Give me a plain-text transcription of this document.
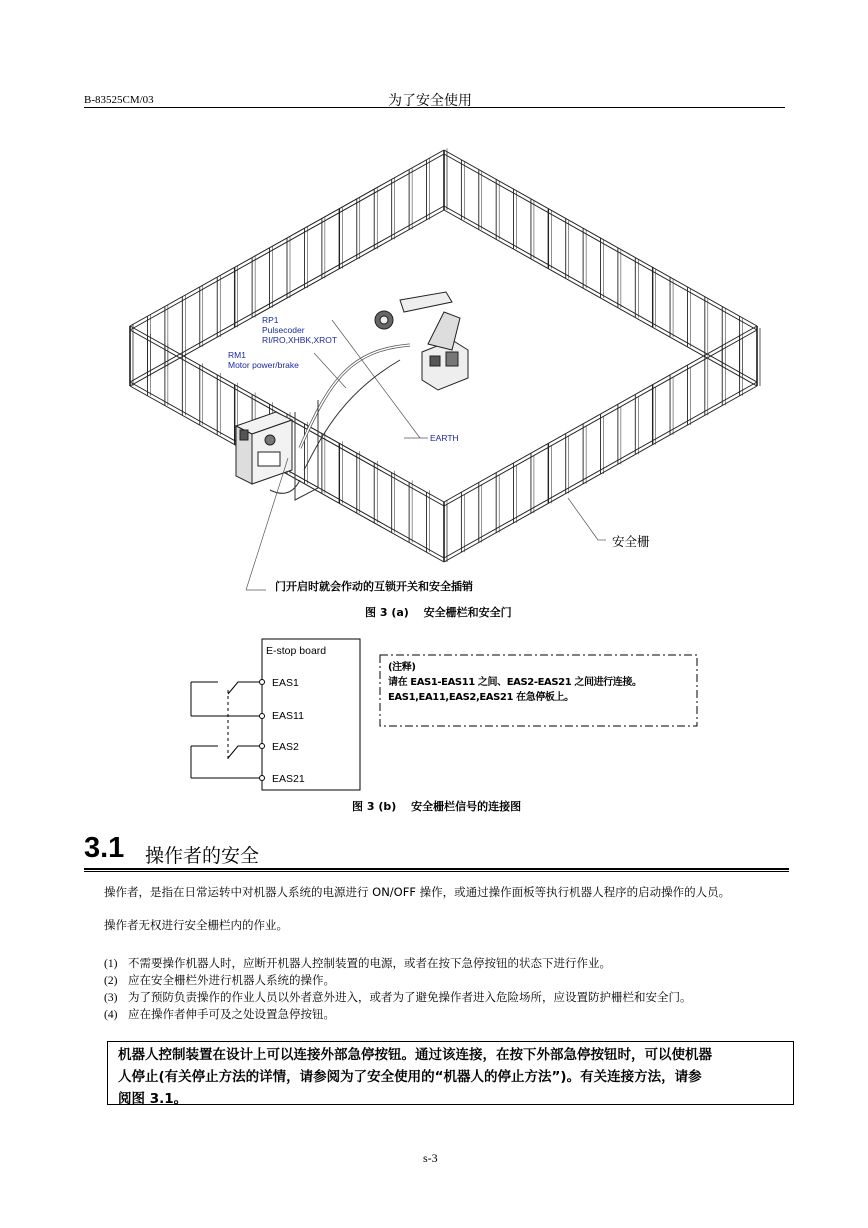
B-83525CM/03	为了安全使用
RP1
Pulsecoder
RI/RO,XHBK,XROT
RM1
Motor power/brake
EARTH
安全栅
门开启时就会作动的互锁开关和安全插销
图 3 (a)　 安全栅栏和安全门
E-stop board
EAS1
EAS11
EAS2
EAS21
(注释)
请在 EAS1-EAS11 之间、EAS2-EAS21 之间进行连接。
EAS1,EA11,EAS2,EAS21 在急停板上。
图 3 (b)　 安全栅栏信号的连接图
3.1 操作者的安全
操作者，是指在日常运转中对机器人系统的电源进行 ON/OFF 操作，或通过操作面板等执行机器人程序的启动操作的人员。
操作者无权进行安全栅栏内的作业。
(1) 不需要操作机器人时，应断开机器人控制装置的电源，或者在按下急停按钮的状态下进行作业。
(2) 应在安全栅栏外进行机器人系统的操作。
(3) 为了预防负责操作的作业人员以外者意外进入，或者为了避免操作者进入危险场所，应设置防护栅栏和安全门。
(4) 应在操作者伸手可及之处设置急停按钮。
机器人控制装置在设计上可以连接外部急停按钮。通过该连接，在按下外部急停按钮时，可以使机器
人停止(有关停止方法的详情，请参阅为了安全使用的“机器人的停止方法”)。有关连接方法，请参
阅图 3.1。
s-3
